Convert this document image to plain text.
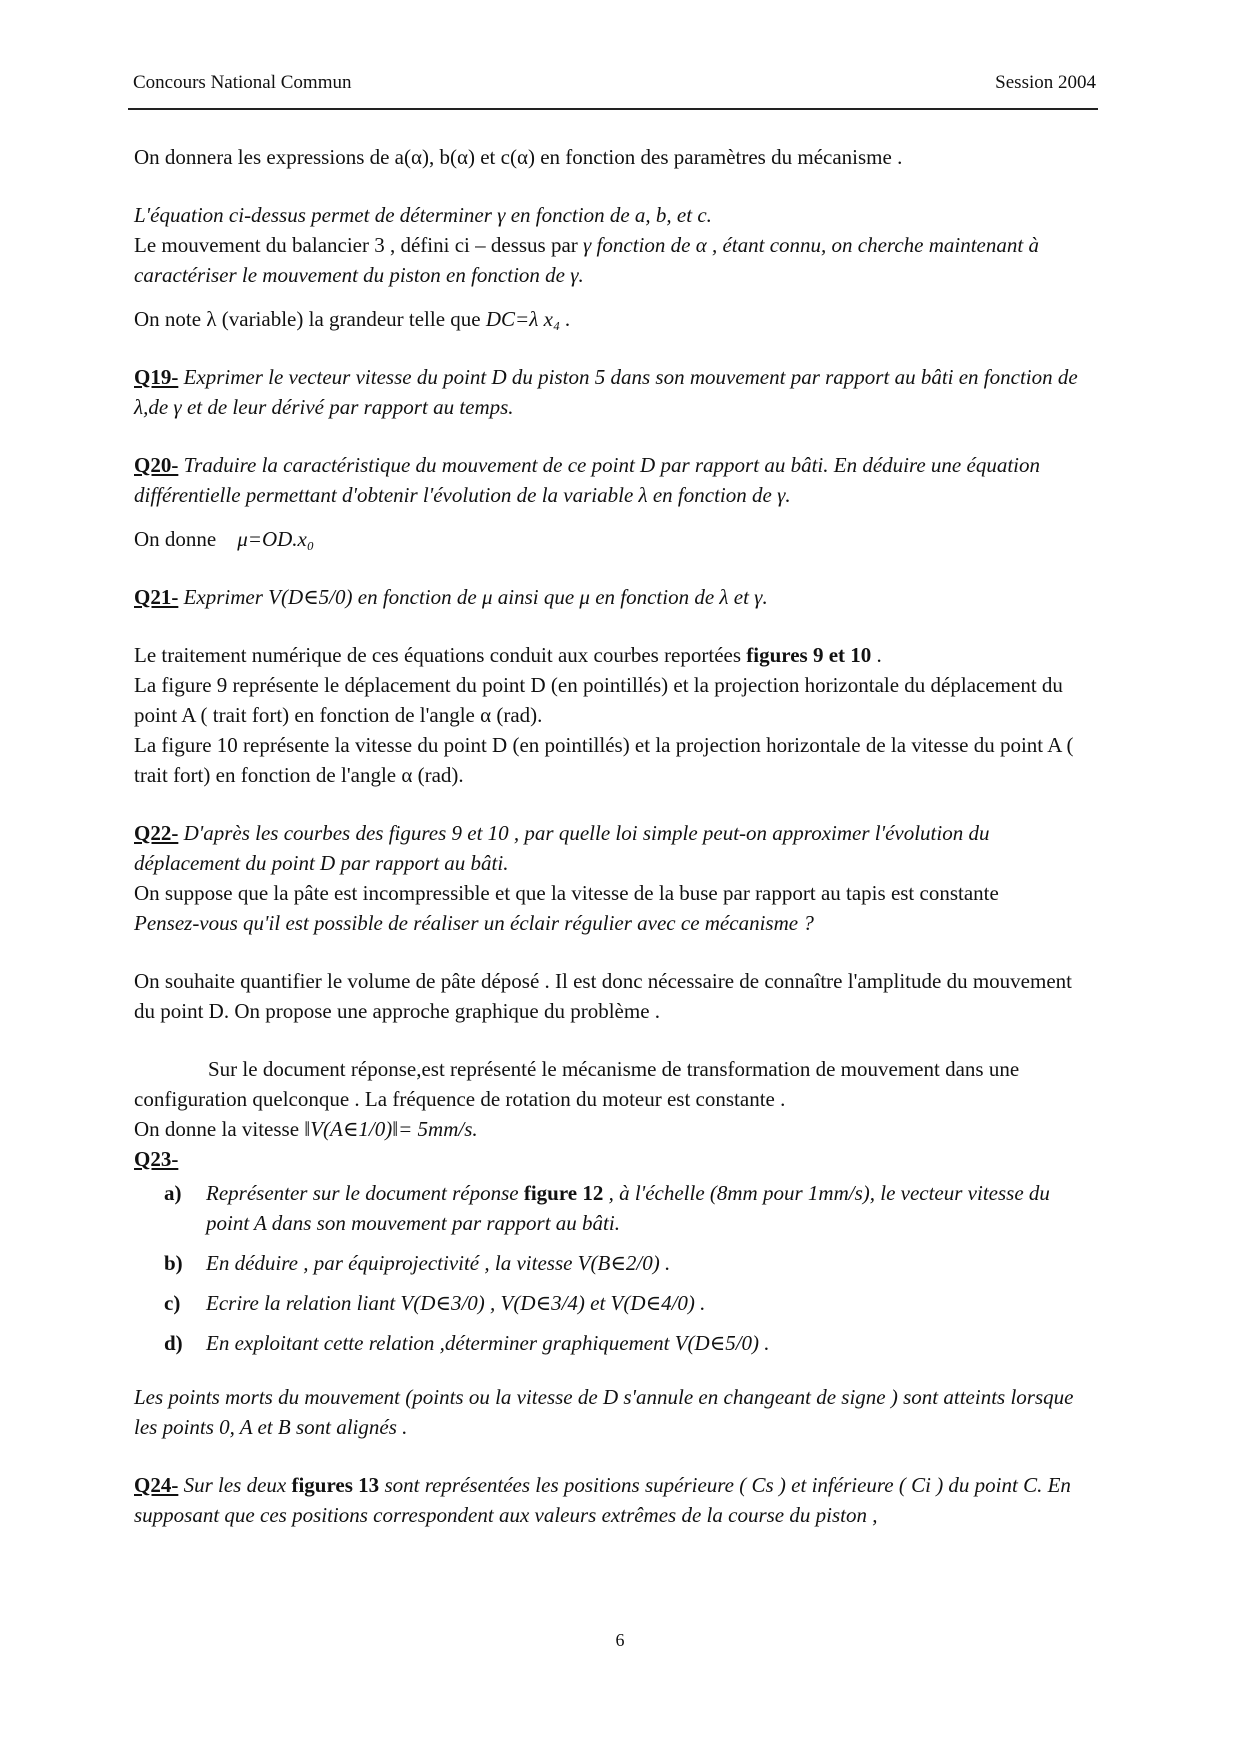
Concours National Commun	Session 2004

On donnera les expressions de a(α), b(α) et c(α) en fonction des paramètres du mécanisme .

L'équation ci-dessus permet de déterminer γ en fonction de a, b, et c.

Le mouvement du balancier 3 , défini ci – dessus par γ fonction de α , étant connu, on cherche maintenant à caractériser le mouvement du piston en fonction de γ.

On note λ (variable) la grandeur telle que DC=λ x₄ .

Q19- Exprimer le vecteur vitesse du point D du piston 5 dans son mouvement par rapport au bâti en fonction de λ,de γ et de leur dérivé par rapport au temps.

Q20- Traduire la caractéristique du mouvement de ce point D par rapport au bâti. En déduire une équation différentielle permettant d'obtenir l'évolution de la variable λ en fonction de γ.

On donne μ=OD.x₀

Q21- Exprimer V(D∈5/0) en fonction de μ ainsi que μ en fonction de λ et γ.

Le traitement numérique de ces équations conduit aux courbes reportées figures 9 et 10 .

La figure 9 représente le déplacement du point D (en pointillés) et la projection horizontale du déplacement du point A ( trait fort) en fonction de l'angle α (rad).

La figure 10 représente la vitesse du point D (en pointillés) et la projection horizontale de la vitesse du point A ( trait fort) en fonction de l'angle α (rad).

Q22- D'après les courbes des figures 9 et 10 , par quelle loi simple peut-on approximer l'évolution du déplacement du point D par rapport au bâti.

On suppose que la pâte est incompressible et que la vitesse de la buse par rapport au tapis est constante

Pensez-vous qu'il est possible de réaliser un éclair régulier avec ce mécanisme ?

On souhaite quantifier le volume de pâte déposé . Il est donc nécessaire de connaître l'amplitude du mouvement du point D. On propose une approche graphique du problème .

Sur le document réponse,est représenté le mécanisme de transformation de mouvement dans une configuration quelconque . La fréquence de rotation du moteur est constante .

On donne la vitesse ‖V(A∈1/0)‖= 5mm/s.

Q23-

a) Représenter sur le document réponse figure 12 , à l'échelle (8mm pour 1mm/s), le vecteur vitesse du point A dans son mouvement par rapport au bâti.
b) En déduire , par équiprojectivité , la vitesse V(B∈2/0) .
c) Ecrire la relation liant V(D∈3/0) , V(D∈3/4) et V(D∈4/0) .
d) En exploitant cette relation ,déterminer graphiquement V(D∈5/0) .

Les points morts du mouvement (points ou la vitesse de D s'annule en changeant de signe ) sont atteints lorsque les points 0, A et B sont alignés .

Q24- Sur les deux figures 13 sont représentées les positions supérieure ( Cs ) et inférieure ( Ci ) du point C. En supposant que ces positions correspondent aux valeurs extrêmes de la course du piston ,

6
